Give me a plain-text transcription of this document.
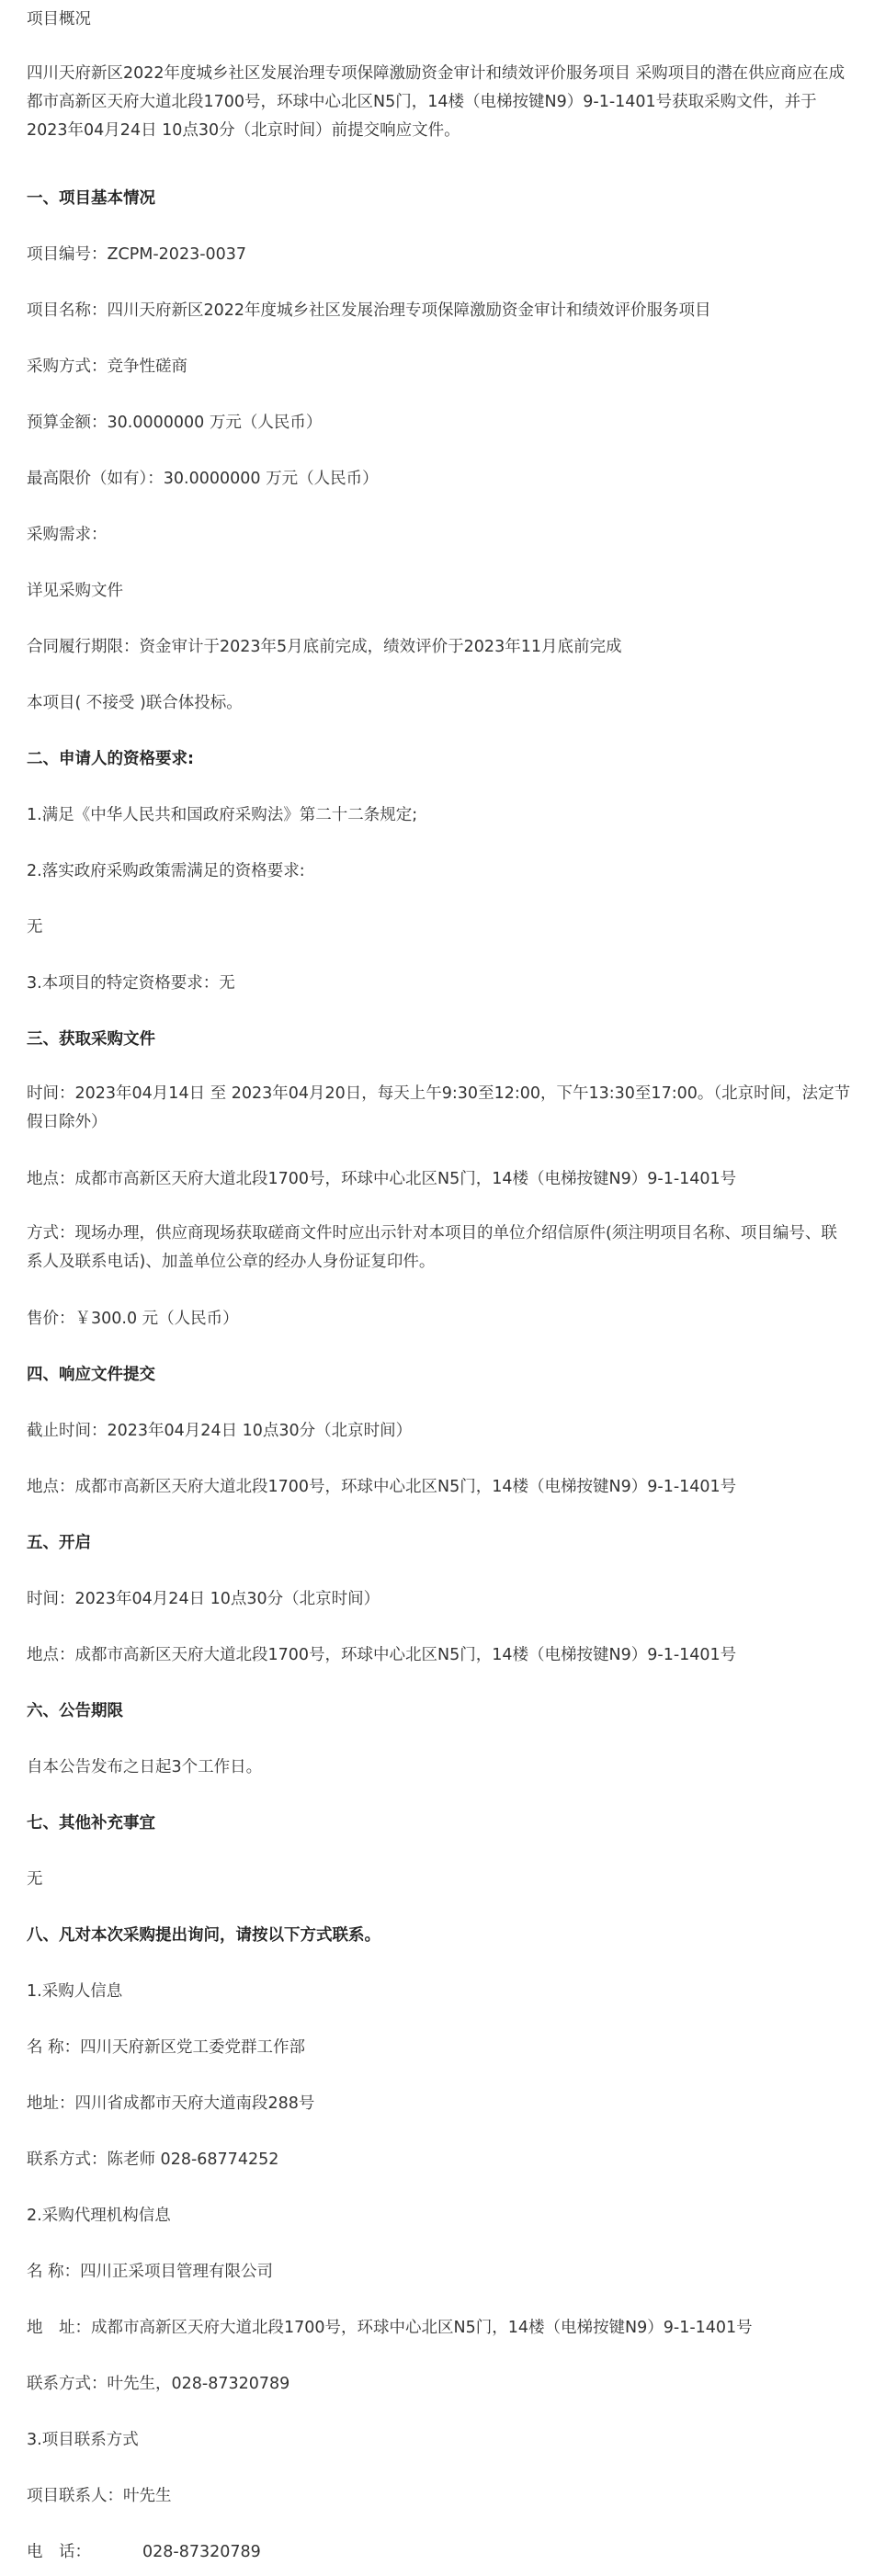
项目概况

四川天府新区2022年度城乡社区发展治理专项保障激励资金审计和绩效评价服务项目 采购项目的潜在供应商应在成都市高新区天府大道北段1700号，环球中心北区N5门，14楼（电梯按键N9）9-1-1401号获取采购文件，并于2023年04月24日 10点30分（北京时间）前提交响应文件。

一、项目基本情况

项目编号：ZCPM-2023-0037

项目名称：四川天府新区2022年度城乡社区发展治理专项保障激励资金审计和绩效评价服务项目

采购方式：竞争性磋商

预算金额：30.0000000 万元（人民币）

最高限价（如有）：30.0000000 万元（人民币）

采购需求：

详见采购文件

合同履行期限：资金审计于2023年5月底前完成，绩效评价于2023年11月底前完成

本项目( 不接受 )联合体投标。

二、申请人的资格要求:

1.满足《中华人民共和国政府采购法》第二十二条规定;

2.落实政府采购政策需满足的资格要求:

无

3.本项目的特定资格要求：无

三、获取采购文件

时间：2023年04月14日 至 2023年04月20日，每天上午9:30至12:00，下午13:30至17:00。（北京时间，法定节假日除外）

地点：成都市高新区天府大道北段1700号，环球中心北区N5门，14楼（电梯按键N9）9-1-1401号

方式：现场办理，供应商现场获取磋商文件时应出示针对本项目的单位介绍信原件(须注明项目名称、项目编号、联系人及联系电话)、加盖单位公章的经办人身份证复印件。

售价：￥300.0 元（人民币）

四、响应文件提交

截止时间：2023年04月24日 10点30分（北京时间）

地点：成都市高新区天府大道北段1700号，环球中心北区N5门，14楼（电梯按键N9）9-1-1401号

五、开启

时间：2023年04月24日 10点30分（北京时间）

地点：成都市高新区天府大道北段1700号，环球中心北区N5门，14楼（电梯按键N9）9-1-1401号

六、公告期限

自本公告发布之日起3个工作日。

七、其他补充事宜

无

八、凡对本次采购提出询问，请按以下方式联系。

1.采购人信息

名 称：四川天府新区党工委党群工作部

地址：四川省成都市天府大道南段288号

联系方式：陈老师 028-68774252

2.采购代理机构信息

名 称：四川正采项目管理有限公司

地　址：成都市高新区天府大道北段1700号，环球中心北区N5门，14楼（电梯按键N9）9-1-1401号

联系方式：叶先生，028-87320789

3.项目联系方式

项目联系人：叶先生

电　话：	028-87320789
